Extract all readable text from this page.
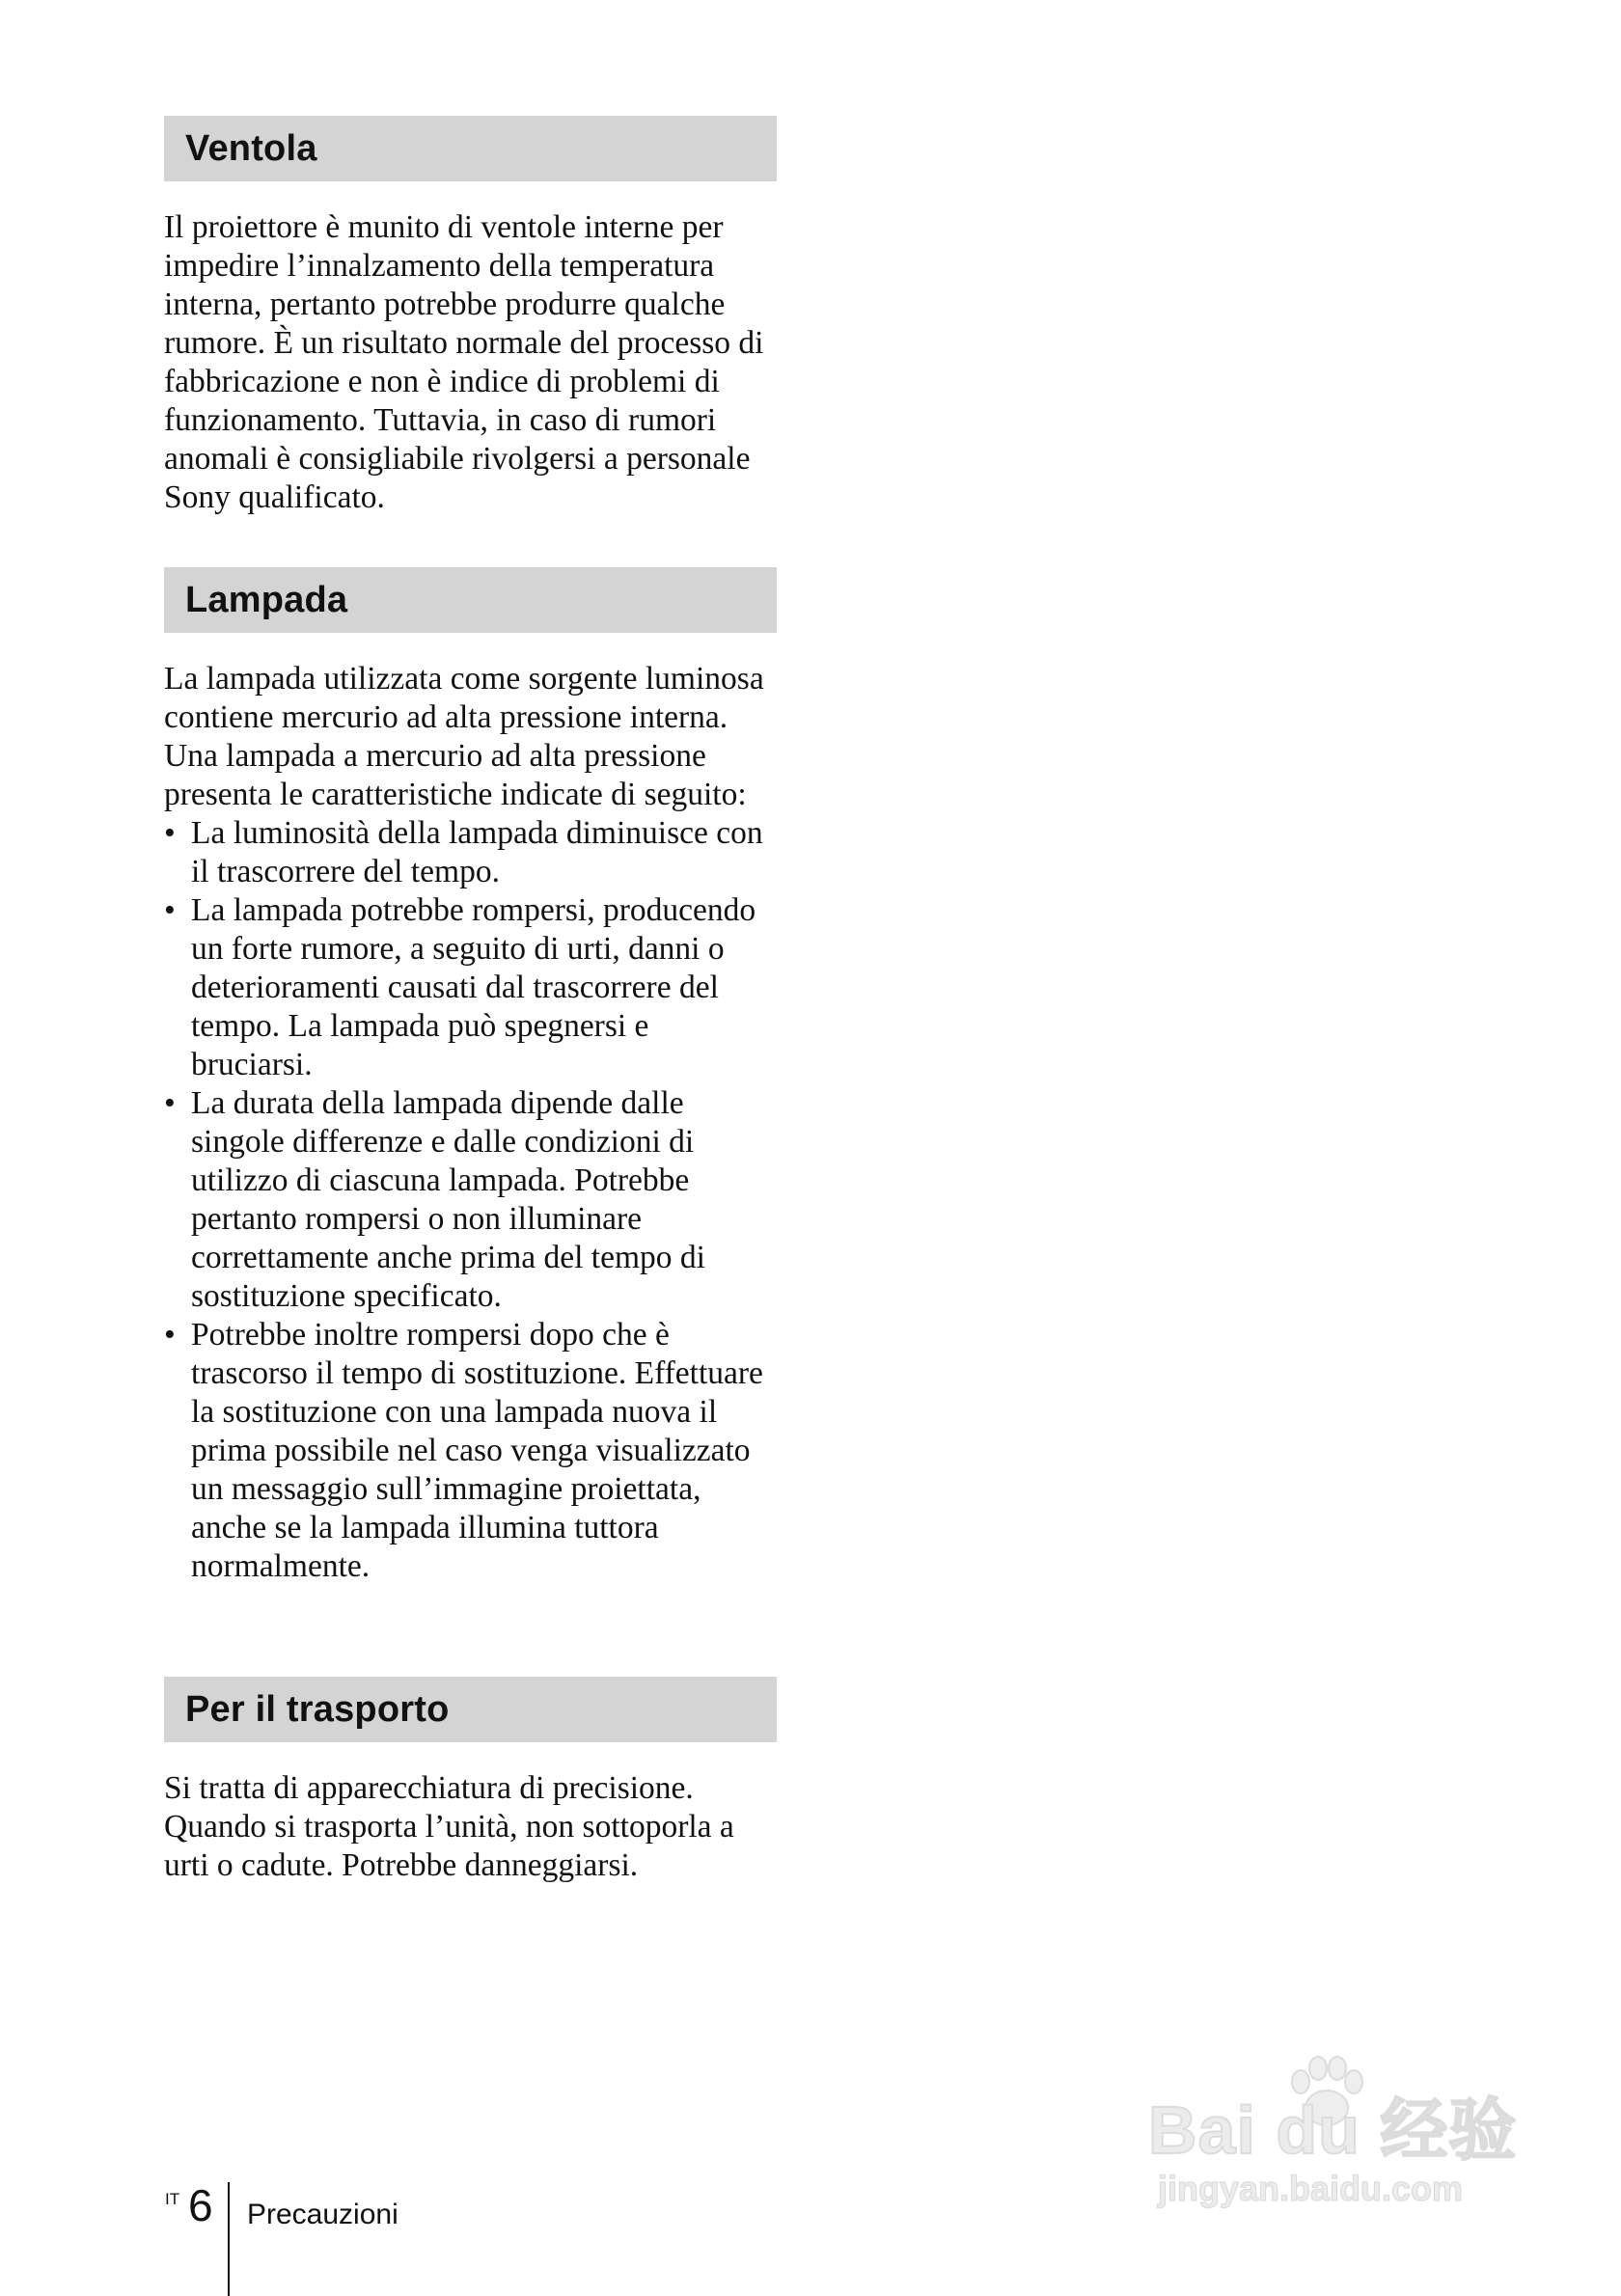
Ventola

Il proiettore è munito di ventole interne per impedire l’innalzamento della temperatura interna, pertanto potrebbe produrre qualche rumore. È un risultato normale del processo di fabbricazione e non è indice di problemi di funzionamento. Tuttavia, in caso di rumori anomali è consigliabile rivolgersi a personale Sony qualificato.

Lampada

La lampada utilizzata come sorgente luminosa contiene mercurio ad alta pressione interna. Una lampada a mercurio ad alta pressione presenta le caratteristiche indicate di seguito:

• La luminosità della lampada diminuisce con il trascorrere del tempo.
• La lampada potrebbe rompersi, producendo un forte rumore, a seguito di urti, danni o deterioramenti causati dal trascorrere del tempo. La lampada può spegnersi e bruciarsi.
• La durata della lampada dipende dalle singole differenze e dalle condizioni di utilizzo di ciascuna lampada. Potrebbe pertanto rompersi o non illuminare correttamente anche prima del tempo di sostituzione specificato.
• Potrebbe inoltre rompersi dopo che è trascorso il tempo di sostituzione. Effettuare la sostituzione con una lampada nuova il prima possibile nel caso venga visualizzato un messaggio sull’immagine proiettata, anche se la lampada illumina tuttora normalmente.
Per il trasporto

Si tratta di apparecchiatura di precisione. Quando si trasporta l’unità, non sottoporla a urti o cadute. Potrebbe danneggiarsi.

IT 6 Precauzioni
Bai du 经验
jingyan.baidu.com
